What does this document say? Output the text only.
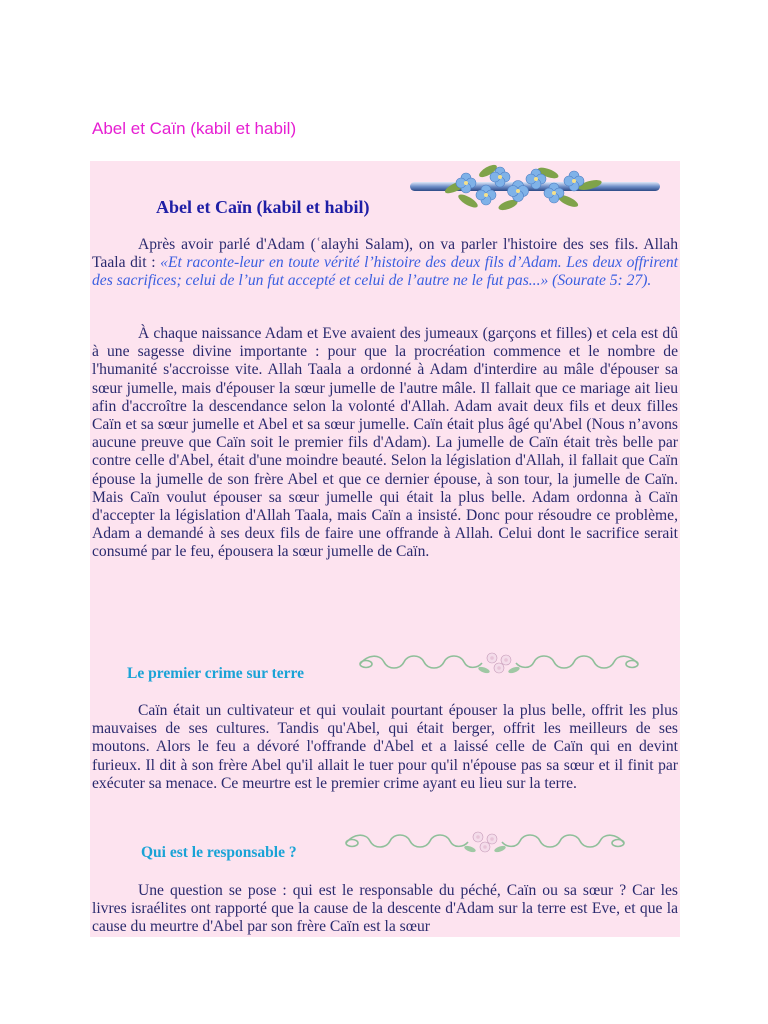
Abel et Caïn (kabil et habil)
Abel et Caïn (kabil et habil)

Après avoir parlé d'Adam (ʿalayhi Salam), on va parler l'histoire des ses fils. Allah Taala dit : «Et raconte-leur en toute vérité l’histoire des deux fils d’Adam. Les deux offrirent des sacrifices; celui de l’un fut accepté et celui de l’autre ne le fut pas...» (Sourate 5: 27).

À chaque naissance Adam et Eve avaient des jumeaux (garçons et filles) et cela est dû à une sagesse divine importante : pour que la procréation commence et le nombre de l'humanité s'accroisse vite. Allah Taala a ordonné à Adam d'interdire au mâle d'épouser sa sœur jumelle, mais d'épouser la sœur jumelle de l'autre mâle. Il fallait que ce mariage ait lieu afin d'accroître la descendance selon la volonté d'Allah. Adam avait deux fils et deux filles Caïn et sa sœur jumelle et Abel et sa sœur jumelle. Caïn était plus âgé qu'Abel (Nous n’avons aucune preuve que Caïn soit le premier fils d'Adam). La jumelle de Caïn était très belle par contre celle d'Abel, était d'une moindre beauté. Selon la législation d'Allah, il fallait que Caïn épouse la jumelle de son frère Abel et que ce dernier épouse, à son tour, la jumelle de Caïn. Mais Caïn voulut épouser sa sœur jumelle qui était la plus belle. Adam ordonna à Caïn d'accepter la législation d'Allah Taala, mais Caïn a insisté. Donc pour résoudre ce problème, Adam a demandé à ses deux fils de faire une offrande à Allah. Celui dont le sacrifice serait consumé par le feu, épousera la sœur jumelle de Caïn.

Le premier crime sur terre

Caïn était un cultivateur et qui voulait pourtant épouser la plus belle, offrit les plus mauvaises de ses cultures. Tandis qu'Abel, qui était berger, offrit les meilleurs de ses moutons. Alors le feu a dévoré l'offrande d'Abel et a laissé celle de Caïn qui en devint furieux. Il dit à son frère Abel qu'il allait le tuer pour qu'il n'épouse pas sa sœur et il finit par exécuter sa menace. Ce meurtre est le premier crime ayant eu lieu sur la terre.

Qui est le responsable ?

Une question se pose : qui est le responsable du péché, Caïn ou sa sœur ? Car les livres israélites ont rapporté que la cause de la descente d'Adam sur la terre est Eve, et que la cause du meurtre d'Abel par son frère Caïn est la sœur
